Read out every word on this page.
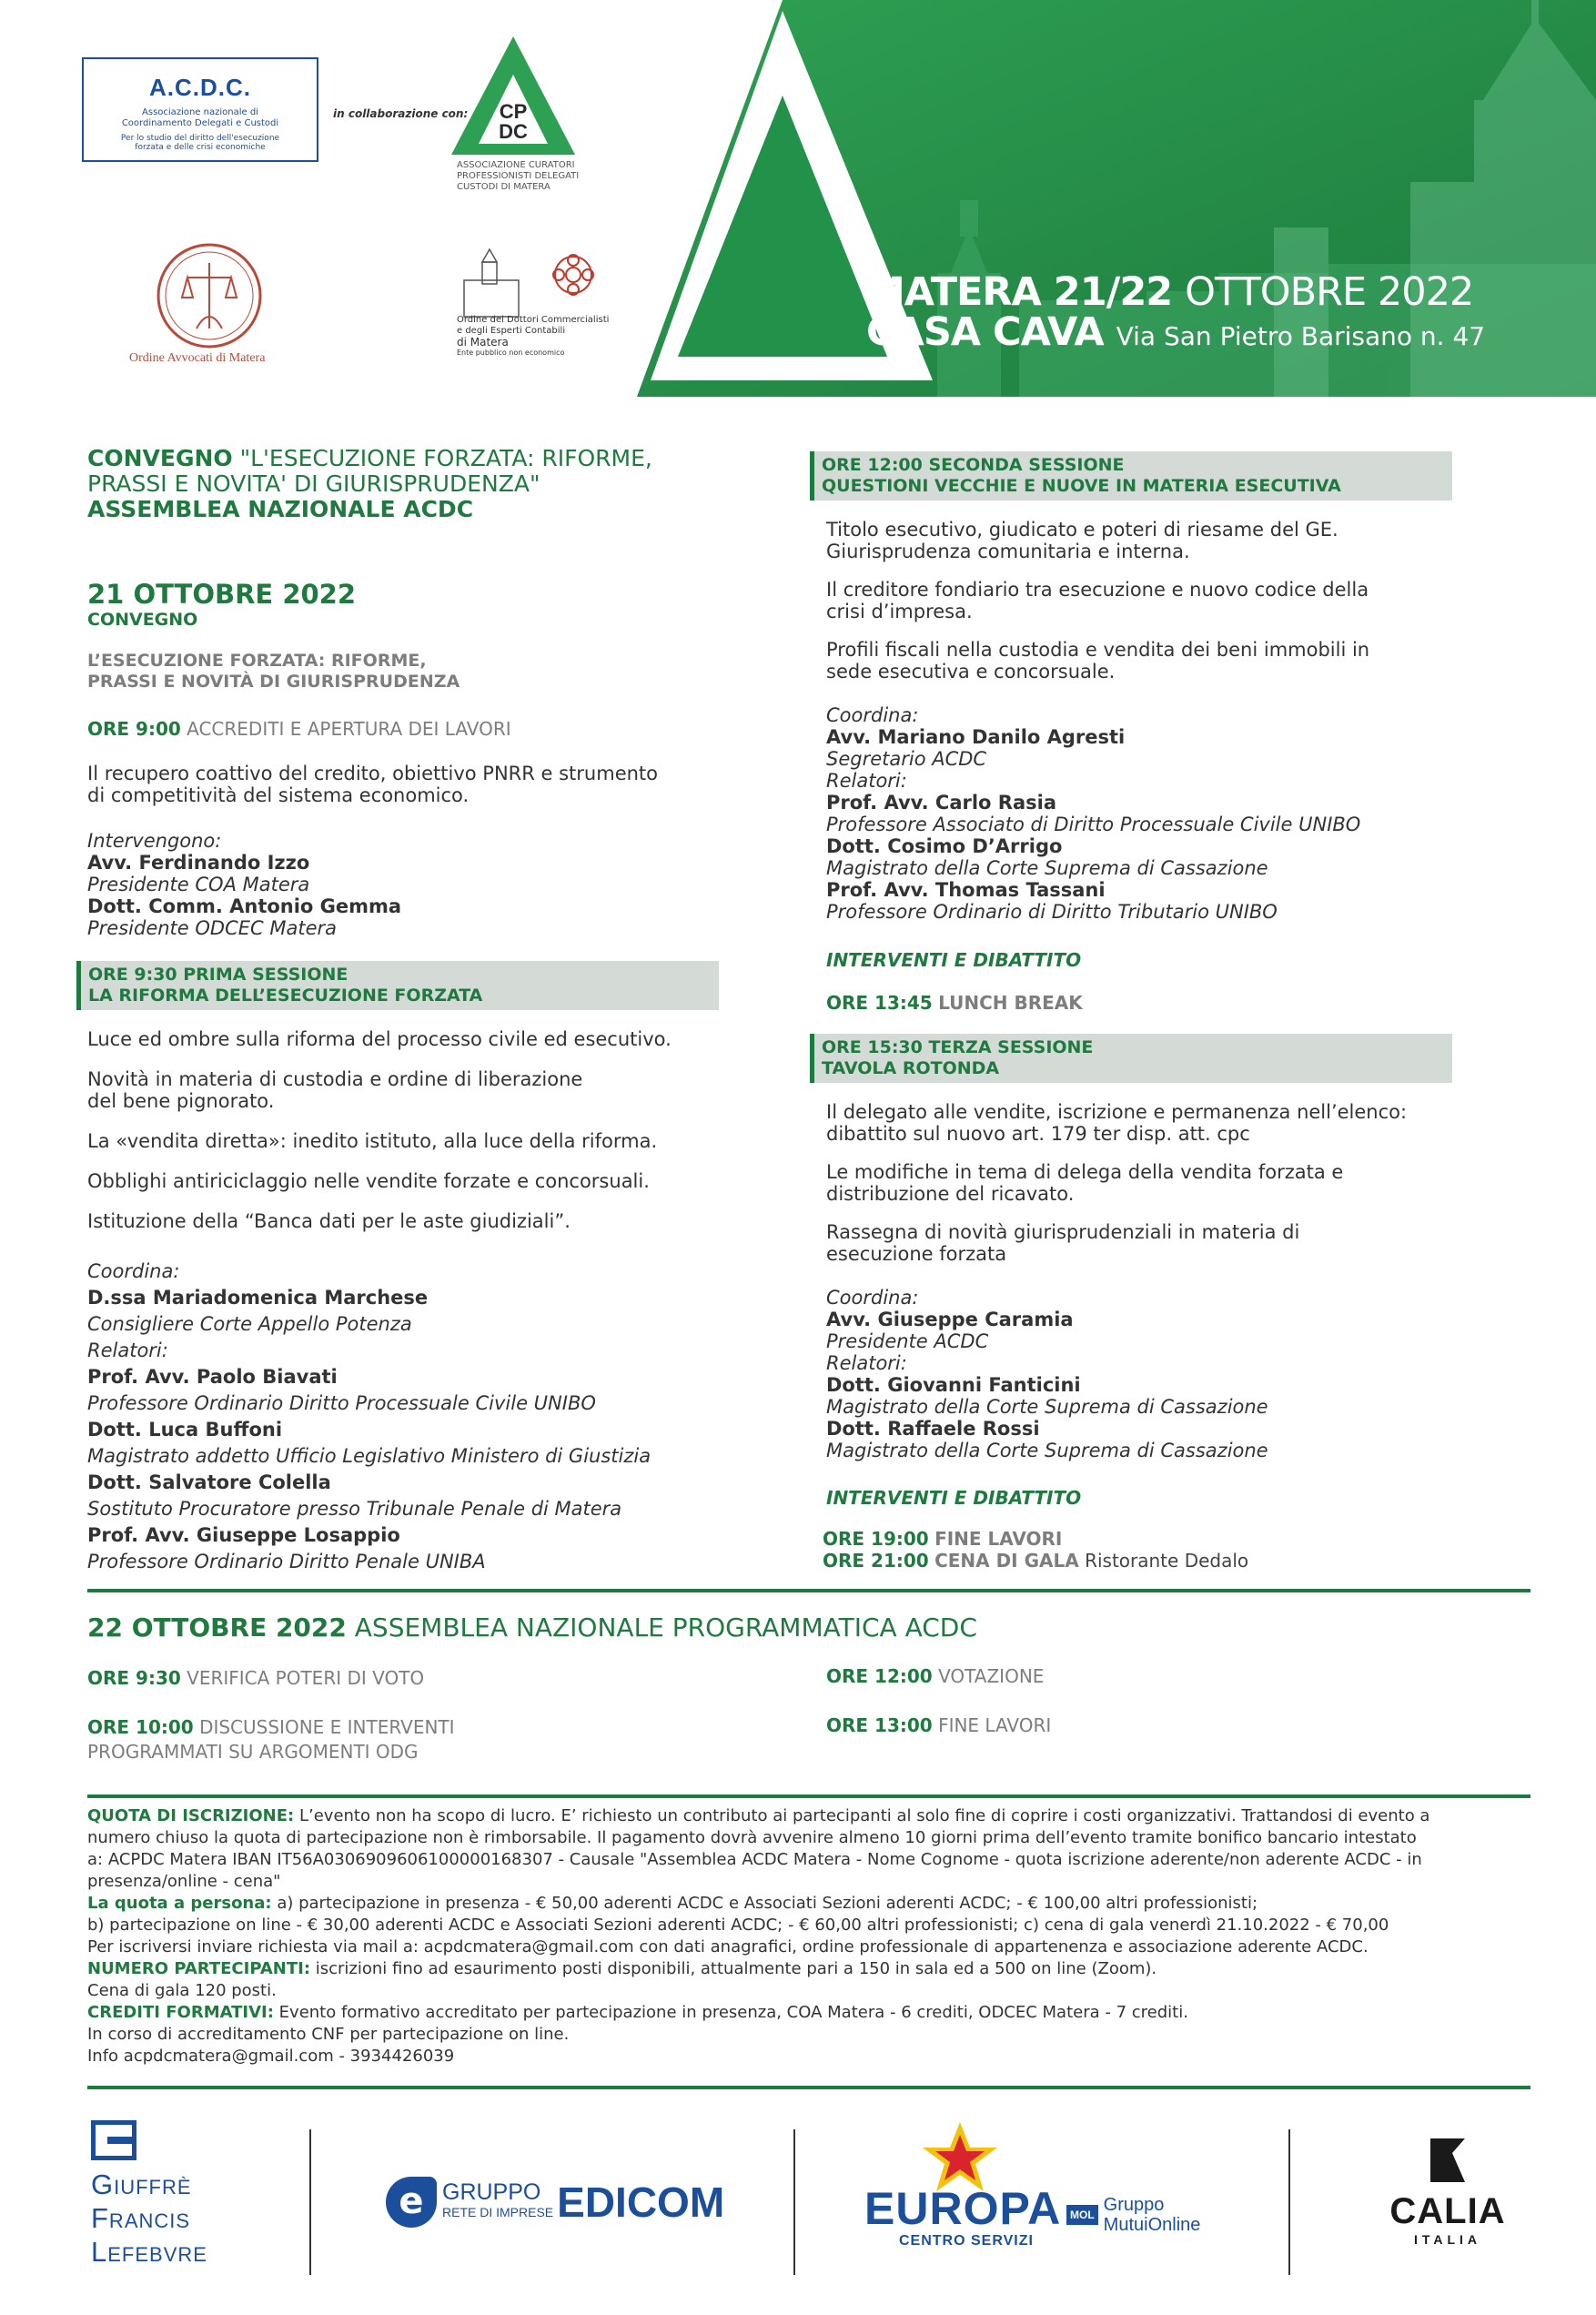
MATERA 21/22 OTTOBRE 2022
CASA CAVA Via San Pietro Barisano n. 47
A.C.D.C.
Associazione nazionale di
Coordinamento Delegati e Custodi
Per lo studio del diritto dell'esecuzione
forzata e delle crisi economiche
in collaborazione con: CP
DC
ASSOCIAZIONE CURATORI
PROFESSIONISTI DELEGATI
CUSTODI DI MATERA
Ordine Avvocati di Matera
Ordine dei Dottori Commercialisti
e degli Esperti Contabili
di Matera
Ente pubblico non economico
CONVEGNO "L'ESECUZIONE FORZATA: RIFORME,
PRASSI E NOVITA' DI GIURISPRUDENZA"
ASSEMBLEA NAZIONALE ACDC
21 OTTOBRE 2022
CONVEGNO
L’ESECUZIONE FORZATA: RIFORME,
PRASSI E NOVITÀ DI GIURISPRUDENZA
ORE 9:00 ACCREDITI E APERTURA DEI LAVORI
Il recupero coattivo del credito, obiettivo PNRR e strumento
di competitività del sistema economico.
Intervengono:
Avv. Ferdinando Izzo
Presidente COA Matera
Dott. Comm. Antonio Gemma
Presidente ODCEC Matera
ORE 9:30 PRIMA SESSIONE
LA RIFORMA DELL’ESECUZIONE FORZATA
Luce ed ombre sulla riforma del processo civile ed esecutivo.
Novità in materia di custodia e ordine di liberazione
del bene pignorato.
La «vendita diretta»: inedito istituto, alla luce della riforma.
Obblighi antiriciclaggio nelle vendite forzate e concorsuali.
Istituzione della “Banca dati per le aste giudiziali”.
Coordina:
D.ssa Mariadomenica Marchese
Consigliere Corte Appello Potenza
Relatori:
Prof. Avv. Paolo Biavati
Professore Ordinario Diritto Processuale Civile UNIBO
Dott. Luca Buffoni
Magistrato addetto Ufficio Legislativo Ministero di Giustizia
Dott. Salvatore Colella
Sostituto Procuratore presso Tribunale Penale di Matera
Prof. Avv. Giuseppe Losappio
Professore Ordinario Diritto Penale UNIBA
ORE 12:00 SECONDA SESSIONE
QUESTIONI VECCHIE E NUOVE IN MATERIA ESECUTIVA
Titolo esecutivo, giudicato e poteri di riesame del GE.
Giurisprudenza comunitaria e interna.
Il creditore fondiario tra esecuzione e nuovo codice della
crisi d’impresa.
Profili fiscali nella custodia e vendita dei beni immobili in
sede esecutiva e concorsuale.
Coordina:
Avv. Mariano Danilo Agresti
Segretario ACDC
Relatori:
Prof. Avv. Carlo Rasia
Professore Associato di Diritto Processuale Civile UNIBO
Dott. Cosimo D’Arrigo
Magistrato della Corte Suprema di Cassazione
Prof. Avv. Thomas Tassani
Professore Ordinario di Diritto Tributario UNIBO
INTERVENTI E DIBATTITO
ORE 13:45 LUNCH BREAK
ORE 15:30 TERZA SESSIONE
TAVOLA ROTONDA
Il delegato alle vendite, iscrizione e permanenza nell’elenco:
dibattito sul nuovo art. 179 ter disp. att. cpc
Le modifiche in tema di delega della vendita forzata e
distribuzione del ricavato.
Rassegna di novità giurisprudenziali in materia di
esecuzione forzata
Coordina:
Avv. Giuseppe Caramia
Presidente ACDC
Relatori:
Dott. Giovanni Fanticini
Magistrato della Corte Suprema di Cassazione
Dott. Raffaele Rossi
Magistrato della Corte Suprema di Cassazione
INTERVENTI E DIBATTITO
ORE 19:00 FINE LAVORI
ORE 21:00 CENA DI GALA Ristorante Dedalo
22 OTTOBRE 2022 ASSEMBLEA NAZIONALE PROGRAMMATICA ACDC
ORE 9:30 VERIFICA POTERI DI VOTO
ORE 10:00 DISCUSSIONE E INTERVENTI
PROGRAMMATI SU ARGOMENTI ODG
ORE 12:00 VOTAZIONE
ORE 13:00 FINE LAVORI
QUOTA DI ISCRIZIONE: L’evento non ha scopo di lucro. E’ richiesto un contributo ai partecipanti al solo fine di coprire i costi organizzativi. Trattandosi di evento a
numero chiuso la quota di partecipazione non è rimborsabile. Il pagamento dovrà avvenire almeno 10 giorni prima dell’evento tramite bonifico bancario intestato
a: ACPDC Matera IBAN IT56A0306909606100000168307 - Causale "Assemblea ACDC Matera - Nome Cognome - quota iscrizione aderente/non aderente ACDC - in
presenza/online - cena"
La quota a persona: a) partecipazione in presenza - € 50,00 aderenti ACDC e Associati Sezioni aderenti ACDC; - € 100,00 altri professionisti;
b) partecipazione on line - € 30,00 aderenti ACDC e Associati Sezioni aderenti ACDC; - € 60,00 altri professionisti; c) cena di gala venerdì 21.10.2022 - € 70,00
Per iscriversi inviare richiesta via mail a: acpdcmatera@gmail.com con dati anagrafici, ordine professionale di appartenenza e associazione aderente ACDC.
NUMERO PARTECIPANTI: iscrizioni fino ad esaurimento posti disponibili, attualmente pari a 150 in sala ed a 500 on line (Zoom).
Cena di gala 120 posti.
CREDITI FORMATIVI: Evento formativo accreditato per partecipazione in presenza, COA Matera - 6 crediti, ODCEC Matera - 7 crediti.
In corso di accreditamento CNF per partecipazione on line.
Info acpdcmatera@gmail.com - 3934426039
Giuffrè
Francis
Lefebvre
e GRUPPO
RETE DI IMPRESE EDICOM	EUROPA
CENTRO SERVIZI
MOL Gruppo
MutuiOnline	CALIA
ITALIA
